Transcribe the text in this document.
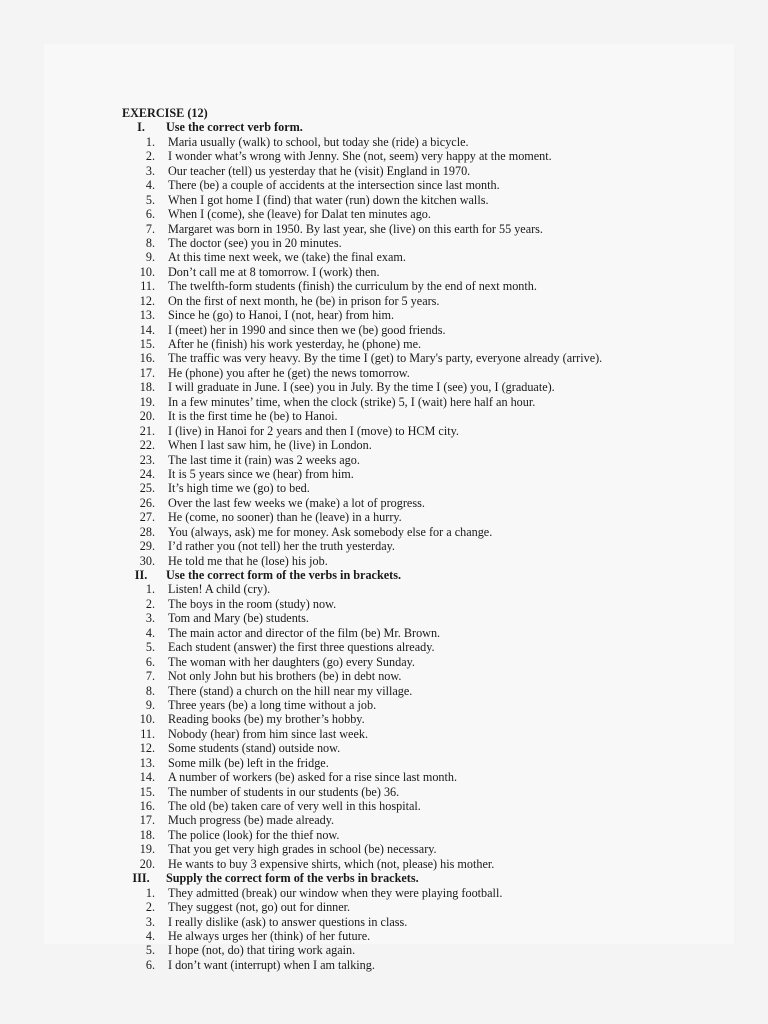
EXERCISE (12)
I.	Use the correct verb form.
1. Maria usually (walk) to school, but today she (ride) a bicycle.
2. I wonder what’s wrong with Jenny. She (not, seem) very happy at the moment.
3. Our teacher (tell) us yesterday that he (visit) England in 1970.
4. There (be) a couple of accidents at the intersection since last month.
5. When I got home I (find) that water (run) down the kitchen walls.
6. When I (come), she (leave) for Dalat ten minutes ago.
7. Margaret was born in 1950. By last year, she (live) on this earth for 55 years.
8. The doctor (see) you in 20 minutes.
9. At this time next week, we (take) the final exam.
10. Don’t call me at 8 tomorrow. I (work) then.
11. The twelfth-form students (finish) the curriculum by the end of next month.
12. On the first of next month, he (be) in prison for 5 years.
13. Since he (go) to Hanoi, I (not, hear) from him.
14. I (meet) her in 1990 and since then we (be) good friends.
15. After he (finish) his work yesterday, he (phone) me.
16. The traffic was very heavy. By the time I (get) to Mary's party, everyone already (arrive).
17. He (phone) you after he (get) the news tomorrow.
18. I will graduate in June. I (see) you in July. By the time I (see) you, I (graduate).
19. In a few minutes’ time, when the clock (strike) 5, I (wait) here half an hour.
20. It is the first time he (be) to Hanoi.
21. I (live) in Hanoi for 2 years and then I (move) to HCM city.
22. When I last saw him, he (live) in London.
23. The last time it (rain) was 2 weeks ago.
24. It is 5 years since we (hear) from him.
25. It’s high time we (go) to bed.
26. Over the last few weeks we (make) a lot of progress.
27. He (come, no sooner) than he (leave) in a hurry.
28. You (always, ask) me for money. Ask somebody else for a change.
29. I’d rather you (not tell) her the truth yesterday.
30. He told me that he (lose) his job.
II.	Use the correct form of the verbs in brackets.
1. Listen! A child (cry).
2. The boys in the room (study) now.
3. Tom and Mary (be) students.
4. The main actor and director of the film (be) Mr. Brown.
5. Each student (answer) the first three questions already.
6. The woman with her daughters (go) every Sunday.
7. Not only John but his brothers (be) in debt now.
8. There (stand) a church on the hill near my village.
9. Three years (be) a long time without a job.
10. Reading books (be) my brother’s hobby.
11. Nobody (hear) from him since last week.
12. Some students (stand) outside now.
13. Some milk (be) left in the fridge.
14. A number of workers (be) asked for a rise since last month.
15. The number of students in our students (be) 36.
16. The old (be) taken care of very well in this hospital.
17. Much progress (be) made already.
18. The police (look) for the thief now.
19. That you get very high grades in school (be) necessary.
20. He wants to buy 3 expensive shirts, which (not, please) his mother.
III.	Supply the correct form of the verbs in brackets.
1. They admitted (break) our window when they were playing football.
2. They suggest (not, go) out for dinner.
3. I really dislike (ask) to answer questions in class.
4. He always urges her (think) of her future.
5. I hope (not, do) that tiring work again.
6. I don’t want (interrupt) when I am talking.
